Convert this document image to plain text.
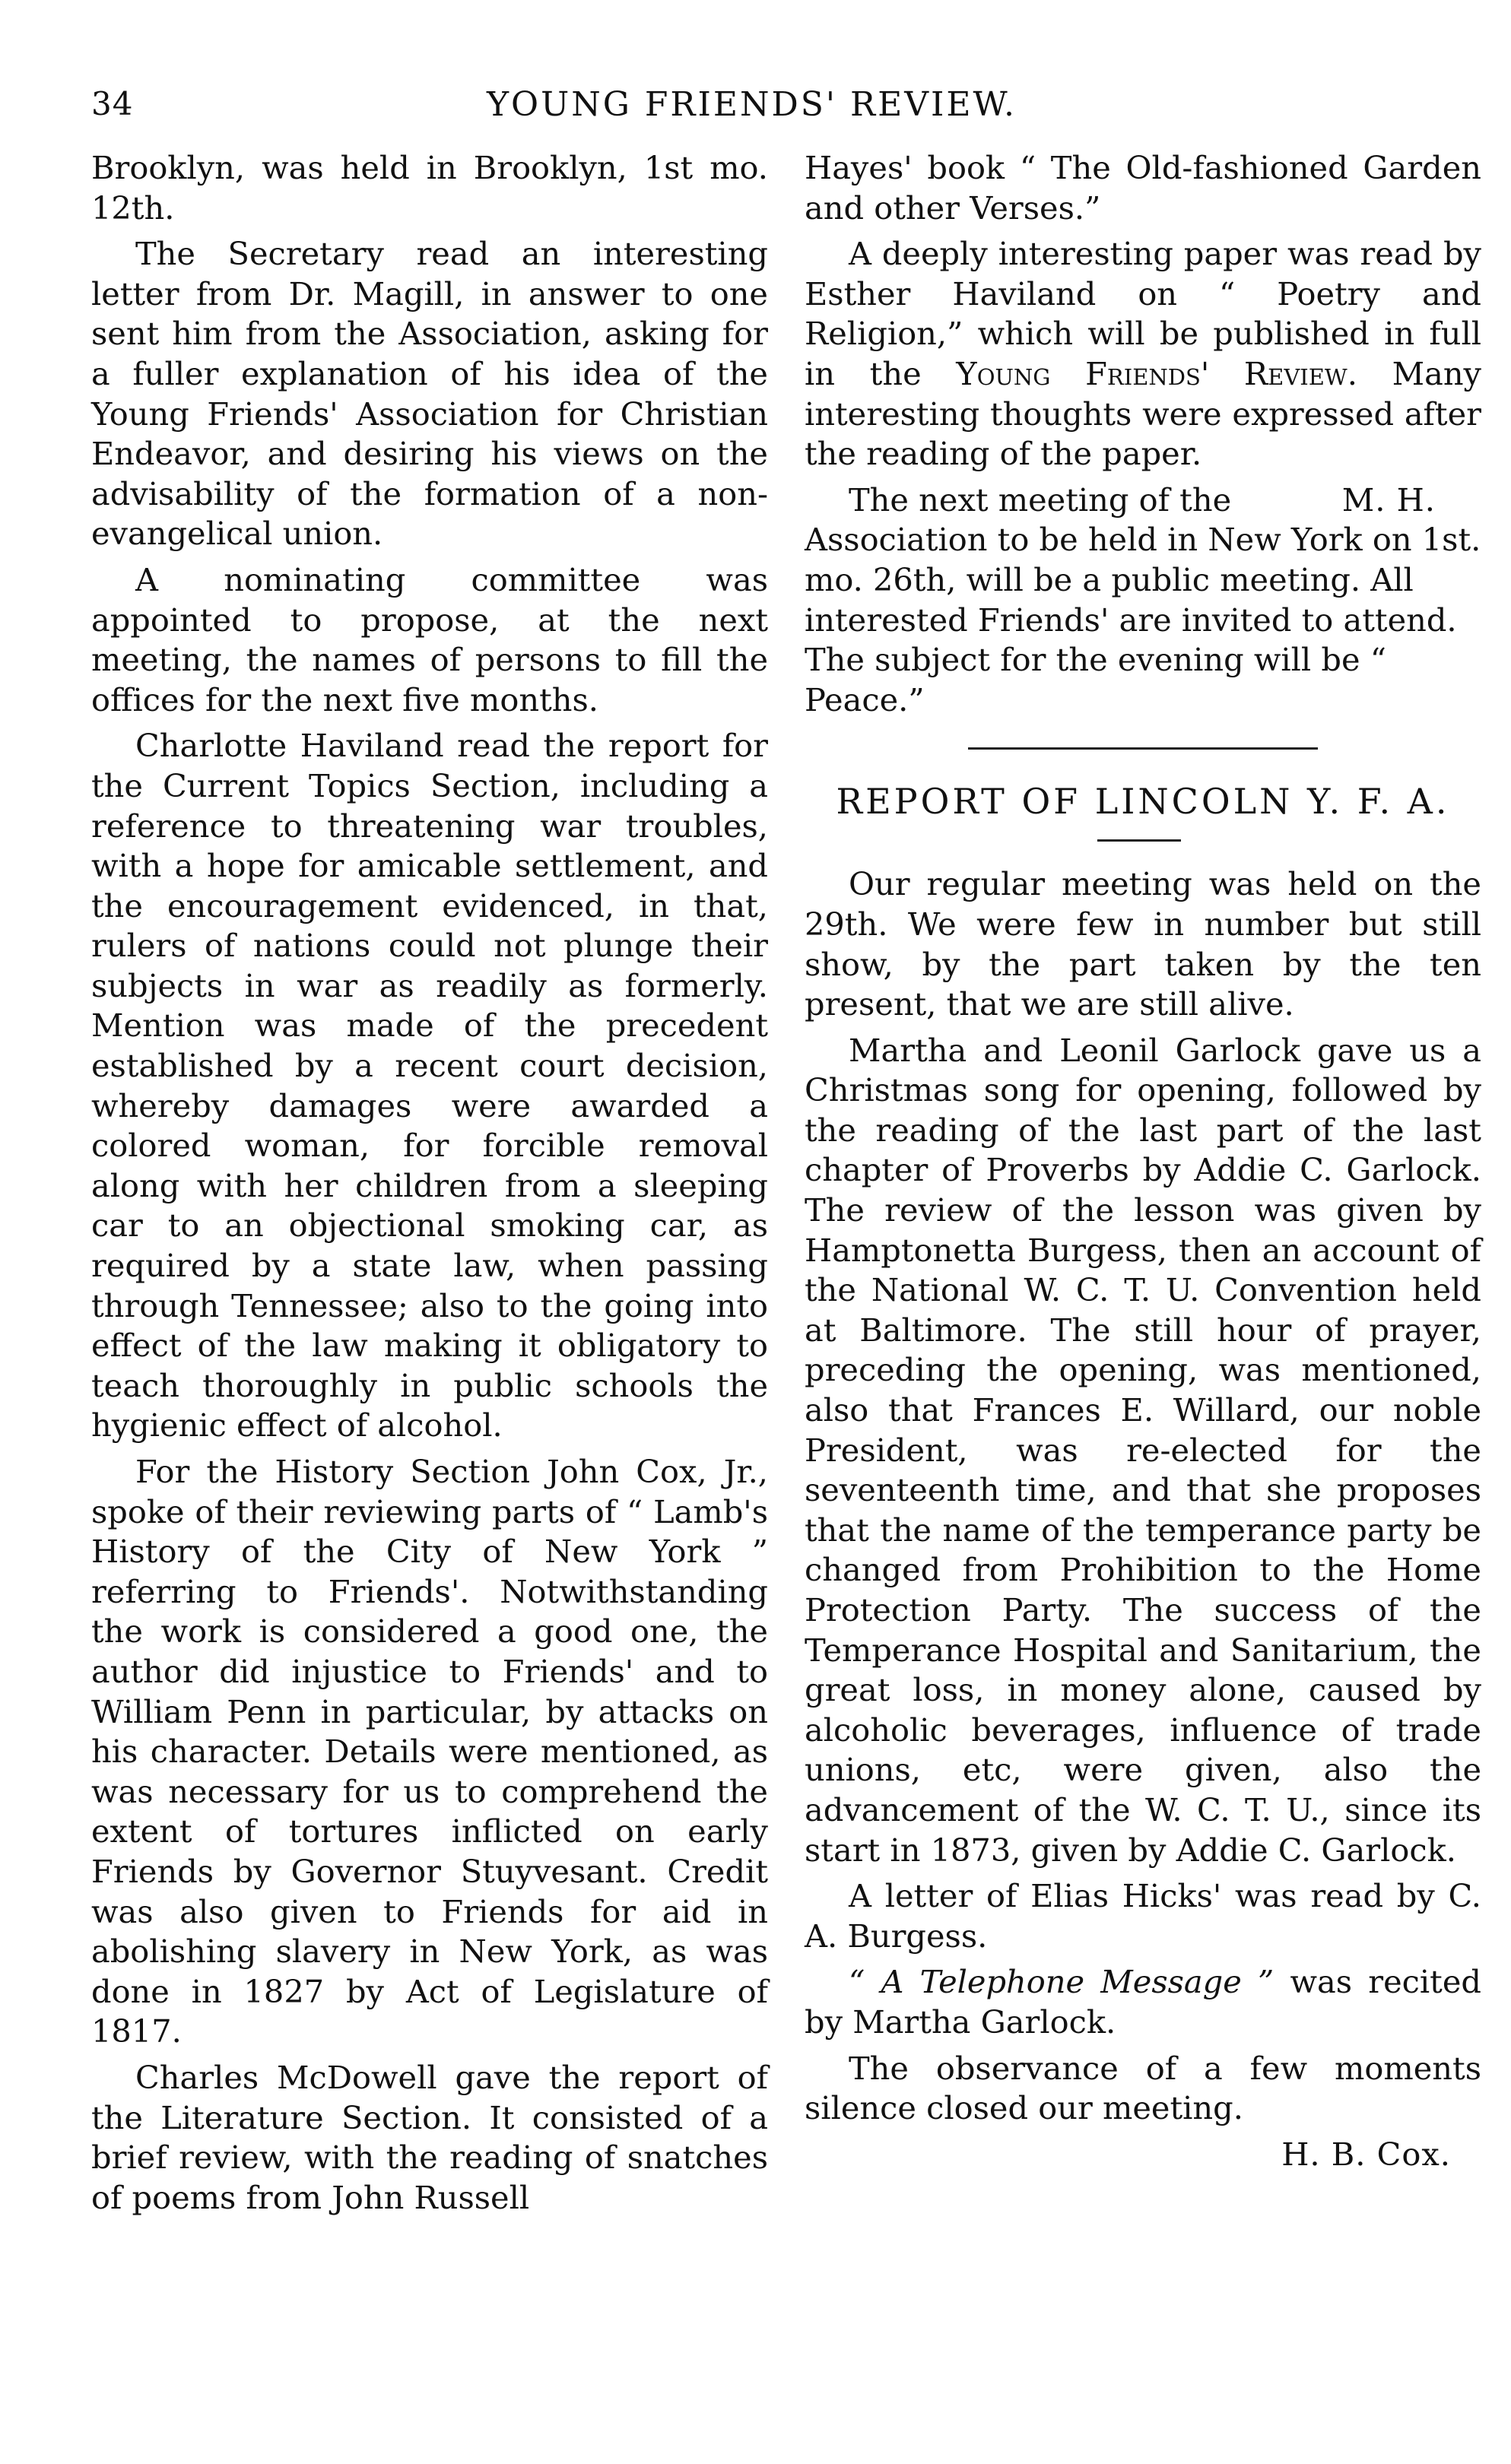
34	YOUNG FRIENDS' REVIEW.

Brooklyn, was held in Brooklyn, 1st mo. 12th.

The Secretary read an interesting letter from Dr. Magill, in answer to one sent him from the Association, asking for a fuller explanation of his idea of the Young Friends' Association for Christian Endeavor, and desiring his views on the advisability of the formation of a non-evangelical union.

A nominating committee was appointed to propose, at the next meeting, the names of persons to fill the offices for the next five months.

Charlotte Haviland read the report for the Current Topics Section, including a reference to threatening war troubles, with a hope for amicable settlement, and the encouragement evidenced, in that, rulers of nations could not plunge their subjects in war as readily as formerly. Mention was made of the precedent established by a recent court decision, whereby damages were awarded a colored woman, for forcible removal along with her children from a sleeping car to an objectional smoking car, as required by a state law, when passing through Tennessee; also to the going into effect of the law making it obligatory to teach thoroughly in public schools the hygienic effect of alcohol.

For the History Section John Cox, Jr., spoke of their reviewing parts of “ Lamb's History of the City of New York ” referring to Friends'. Notwithstanding the work is considered a good one, the author did injustice to Friends' and to William Penn in particular, by attacks on his character. Details were mentioned, as was necessary for us to comprehend the extent of tortures inflicted on early Friends by Governor Stuyvesant. Credit was also given to Friends for aid in abolishing slavery in New York, as was done in 1827 by Act of Legislature of 1817.

Charles McDowell gave the report of the Literature Section. It consisted of a brief review, with the reading of snatches of poems from John Russell

Hayes' book “ The Old-fashioned Garden and other Verses.”

A deeply interesting paper was read by Esther Haviland on “ Poetry and Religion,” which will be published in full in the Young Friends' Review. Many interesting thoughts were expressed after the reading of the paper.

M. H.
The next meeting of the Association to be held in New York on 1st. mo. 26th, will be a public meeting. All interested Friends' are invited to attend. The subject for the evening will be “ Peace.”

REPORT OF LINCOLN Y. F. A.

Our regular meeting was held on the 29th. We were few in number but still show, by the part taken by the ten present, that we are still alive.

Martha and Leonil Garlock gave us a Christmas song for opening, followed by the reading of the last part of the last chapter of Proverbs by Addie C. Garlock. The review of the lesson was given by Hamptonetta Burgess, then an account of the National W. C. T. U. Convention held at Baltimore. The still hour of prayer, preceding the opening, was mentioned, also that Frances E. Willard, our noble President, was re-elected for the seventeenth time, and that she proposes that the name of the temperance party be changed from Prohibition to the Home Protection Party. The success of the Temperance Hospital and Sanitarium, the great loss, in money alone, caused by alcoholic beverages, influence of trade unions, etc, were given, also the advancement of the W. C. T. U., since its start in 1873, given by Addie C. Garlock.

A letter of Elias Hicks' was read by C. A. Burgess.

“ A Telephone Message ” was recited by Martha Garlock.

The observance of a few moments silence closed our meeting.

H. B. Cox.
